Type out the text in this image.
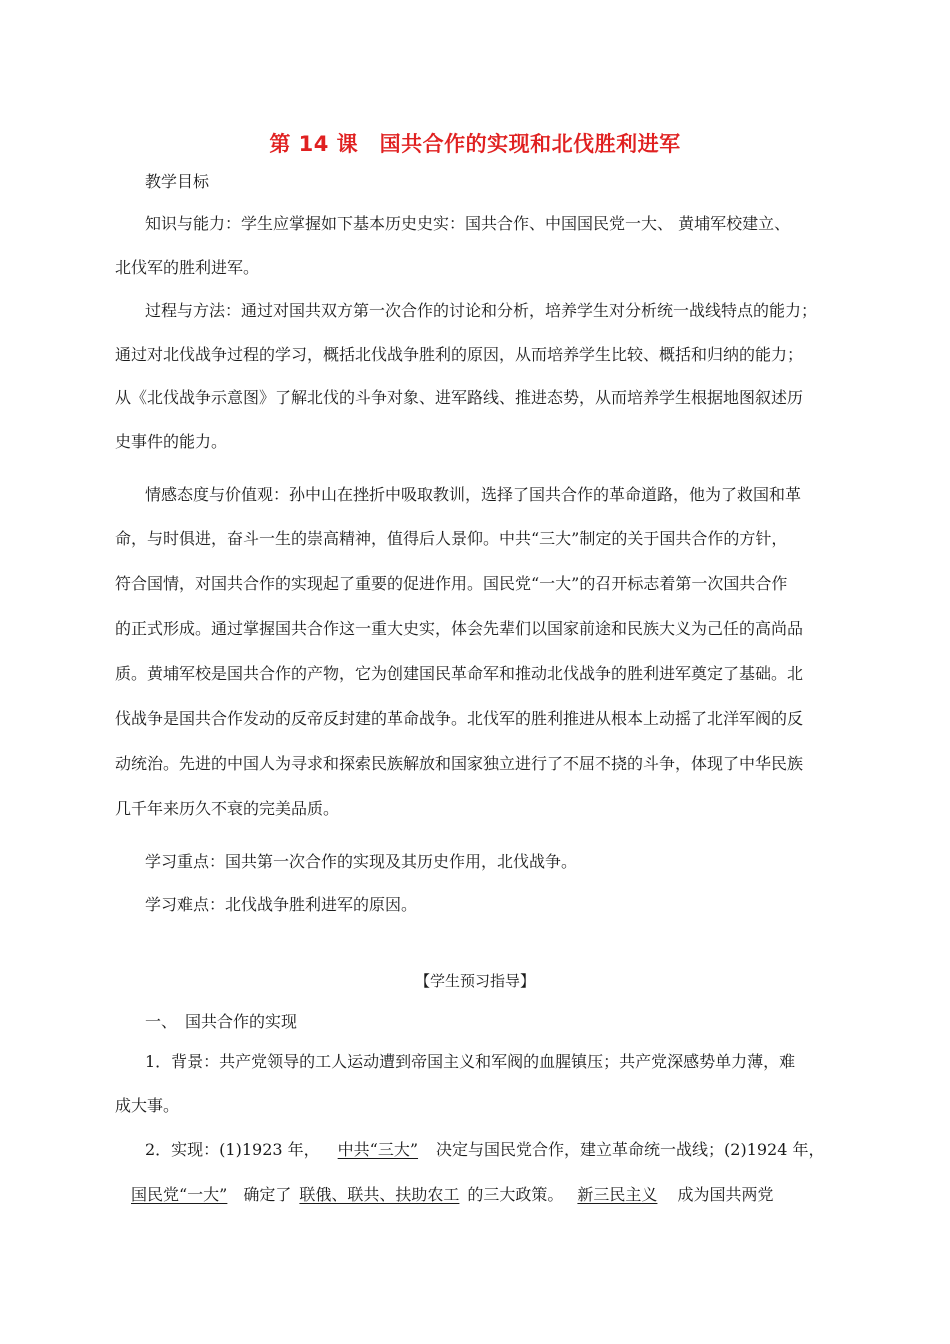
第 14 课　国共合作的实现和北伐胜利进军
教学目标
知识与能力：学生应掌握如下基本历史史实：国共合作、中国国民党一大、 黄埔军校建立、
北伐军的胜利进军。
过程与方法：通过对国共双方第一次合作的讨论和分析，培养学生对分析统一战线特点的能力；
通过对北伐战争过程的学习，概括北伐战争胜利的原因，从而培养学生比较、概括和归纳的能力；
从《北伐战争示意图》了解北伐的斗争对象、进军路线、推进态势，从而培养学生根据地图叙述历
史事件的能力。
情感态度与价值观：孙中山在挫折中吸取教训，选择了国共合作的革命道路，他为了救国和革
命，与时俱进，奋斗一生的崇高精神，值得后人景仰。中共“三大”制定的关于国共合作的方针，
符合国情，对国共合作的实现起了重要的促进作用。国民党“一大”的召开标志着第一次国共合作
的正式形成。通过掌握国共合作这一重大史实，体会先辈们以国家前途和民族大义为己任的高尚品
质。黄埔军校是国共合作的产物，它为创建国民革命军和推动北伐战争的胜利进军奠定了基础。北
伐战争是国共合作发动的反帝反封建的革命战争。北伐军的胜利推进从根本上动摇了北洋军阀的反
动统治。先进的中国人为寻求和探索民族解放和国家独立进行了不屈不挠的斗争，体现了中华民族
几千年来历久不衰的完美品质。
学习重点：国共第一次合作的实现及其历史作用，北伐战争。
学习难点：北伐战争胜利进军的原因。
【学生预习指导】
一、　国共合作的实现
1．背景：共产党领导的工人运动遭到帝国主义和军阀的血腥镇压；共产党深感势单力薄，难
成大事。
2．实现：(1)1923 年， 中共“三大” 决定与国民党合作，建立革命统一战线；(2)1924 年，
国民党“一大” 确定了 联俄、联共、扶助农工 的三大政策。 新三民主义 成为国共两党
